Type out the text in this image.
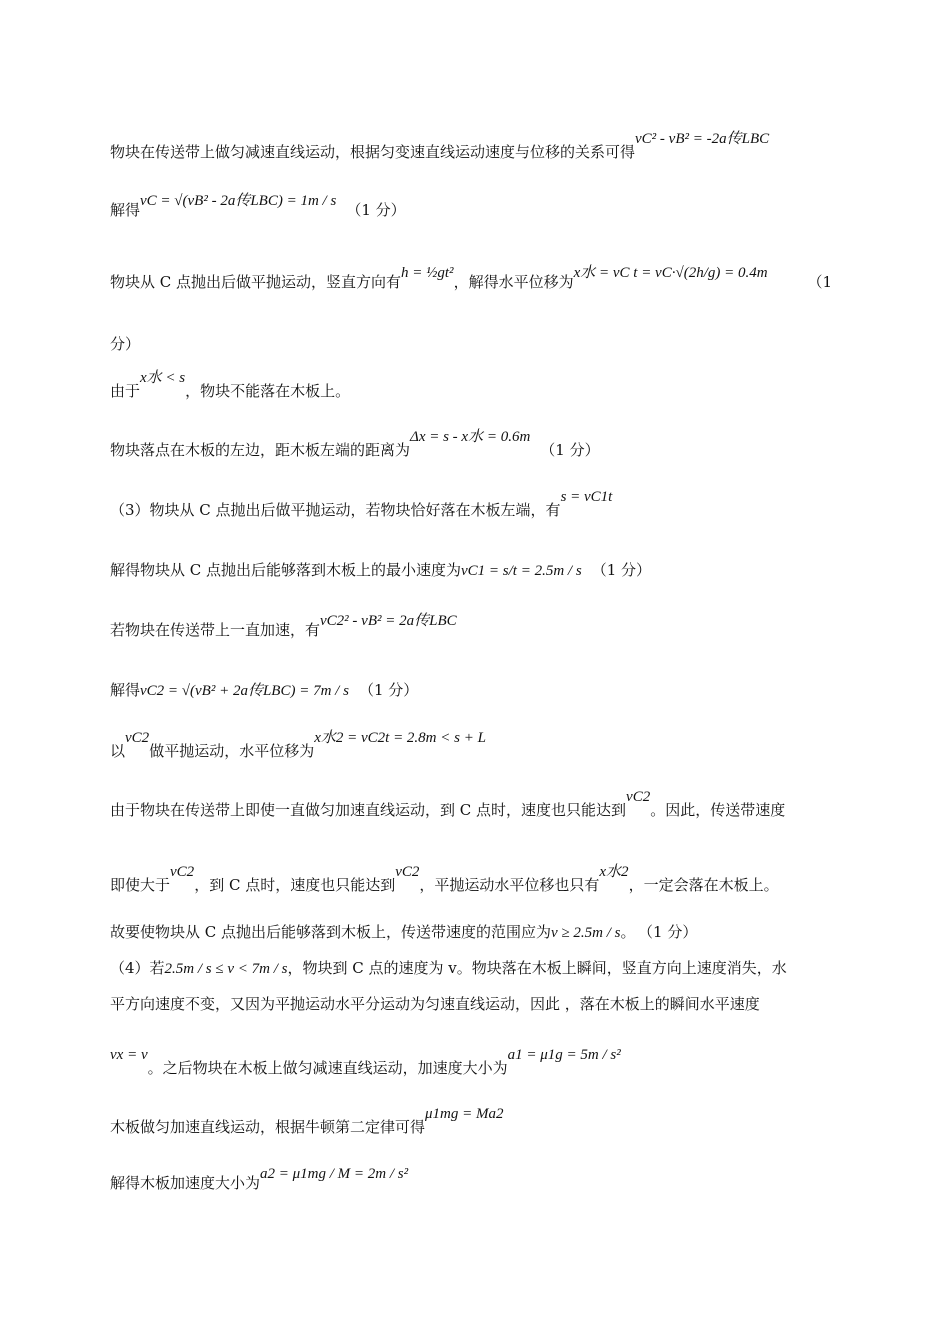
物块在传送带上做匀减速直线运动，根据匀变速直线运动速度与位移的关系可得vC² - vB² = -2a传LBC

解得vC = √(vB² - 2a传LBC) = 1m / s （1 分）

物块从 C 点抛出后做平抛运动，竖直方向有h = ½gt²，解得水平位移为x水 = vC t = vC·√(2h/g) = 0.4m	（1

分）

由于x水 < s，物块不能落在木板上。

物块落点在木板的左边，距木板左端的距离为Δx = s - x水 = 0.6m（1 分）

（3）物块从 C 点抛出后做平抛运动，若物块恰好落在木板左端，有s = vC1t

解得物块从 C 点抛出后能够落到木板上的最小速度为vC1 = s/t = 2.5m / s （1 分）

若物块在传送带上一直加速，有vC2² - vB² = 2a传LBC

解得vC2 = √(vB² + 2a传LBC) = 7m / s （1 分）

以vC2做平抛运动，水平位移为x水2 = vC2t = 2.8m < s + L

由于物块在传送带上即使一直做匀加速直线运动，到 C 点时，速度也只能达到vC2。因此，传送带速度

即使大于vC2，到 C 点时，速度也只能达到vC2，平抛运动水平位移也只有x水2，一定会落在木板上。

故要使物块从 C 点抛出后能够落到木板上，传送带速度的范围应为v ≥ 2.5m / s。 （1 分）

（4）若2.5m / s ≤ v < 7m / s，物块到 C 点的速度为 v。物块落在木板上瞬间，竖直方向上速度消失，水

平方向速度不变，又因为平抛运动水平分运动为匀速直线运动，因此 ，落在木板上的瞬间水平速度

vx = v。之后物块在木板上做匀减速直线运动，加速度大小为a1 = μ1g = 5m / s²

木板做匀加速直线运动，根据牛顿第二定律可得μ1mg = Ma2

解得木板加速度大小为a2 = μ1mg / M = 2m / s²
